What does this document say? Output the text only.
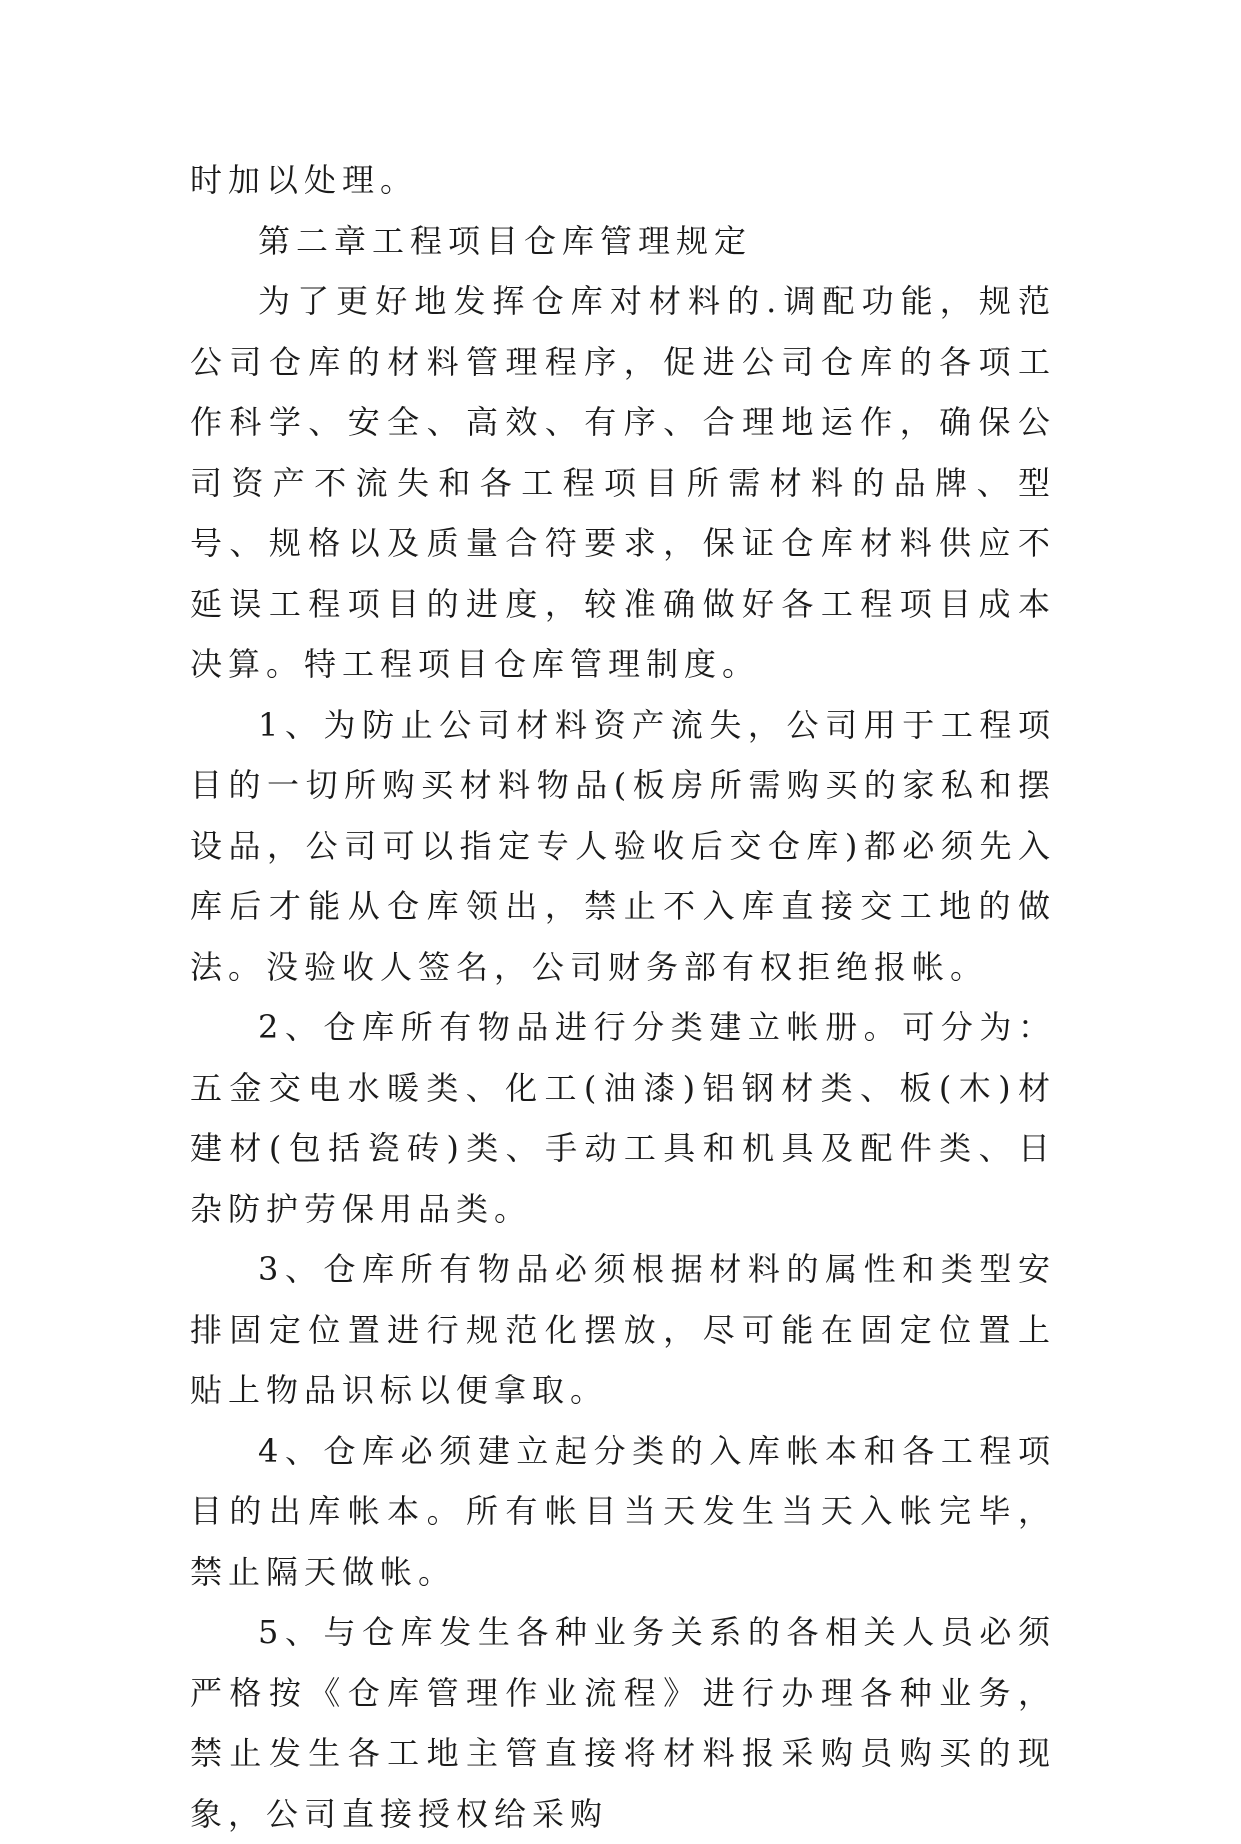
时加以处理。

第二章工程项目仓库管理规定

为了更好地发挥仓库对材料的.调配功能，规范公司仓库的材料管理程序，促进公司仓库的各项工作科学、安全、高效、有序、合理地运作，确保公司资产不流失和各工程项目所需材料的品牌、型号、规格以及质量合符要求，保证仓库材料供应不延误工程项目的进度，较准确做好各工程项目成本决算。特工程项目仓库管理制度。

1、为防止公司材料资产流失，公司用于工程项目的一切所购买材料物品(板房所需购买的家私和摆设品，公司可以指定专人验收后交仓库)都必须先入库后才能从仓库领出，禁止不入库直接交工地的做法。没验收人签名，公司财务部有权拒绝报帐。

2、仓库所有物品进行分类建立帐册。可分为：五金交电水暖类、化工(油漆)铝钢材类、板(木)材建材(包括瓷砖)类、手动工具和机具及配件类、日杂防护劳保用品类。

3、仓库所有物品必须根据材料的属性和类型安排固定位置进行规范化摆放，尽可能在固定位置上贴上物品识标以便拿取。

4、仓库必须建立起分类的入库帐本和各工程项目的出库帐本。所有帐目当天发生当天入帐完毕，禁止隔天做帐。

5、与仓库发生各种业务关系的各相关人员必须严格按《仓库管理作业流程》进行办理各种业务，禁止发生各工地主管直接将材料报采购员购买的现象，公司直接授权给采购
